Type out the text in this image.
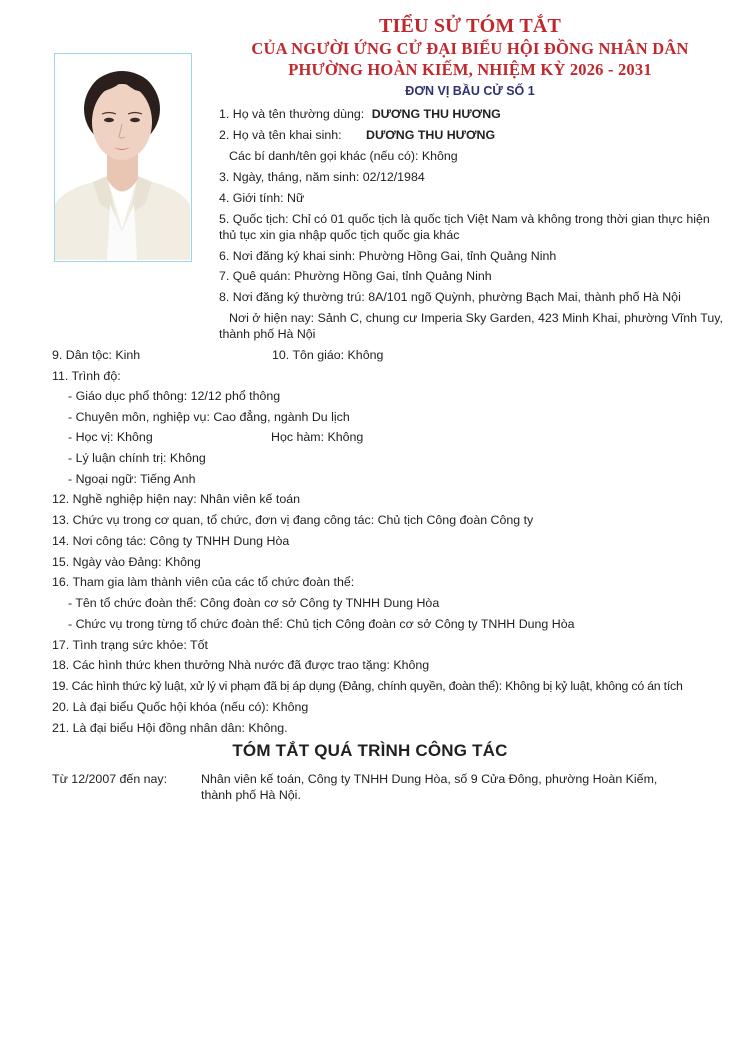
TIỂU SỬ TÓM TẮT
CỦA NGƯỜI ỨNG CỬ ĐẠI BIỂU HỘI ĐỒNG NHÂN DÂN
PHƯỜNG HOÀN KIẾM, NHIỆM KỲ 2026 - 2031
ĐƠN VỊ BẦU CỬ SỐ 1
1. Họ và tên thường dùng: DƯƠNG THU HƯƠNG
2. Họ và tên khai sinh: DƯƠNG THU HƯƠNG
Các bí danh/tên gọi khác (nếu có): Không
3. Ngày, tháng, năm sinh: 02/12/1984
4. Giới tính: Nữ
5. Quốc tịch: Chỉ có 01 quốc tịch là quốc tịch Việt Nam và không trong thời gian thực hiện
thủ tục xin gia nhập quốc tịch quốc gia khác
6. Nơi đăng ký khai sinh: Phường Hồng Gai, tỉnh Quảng Ninh
7. Quê quán: Phường Hồng Gai, tỉnh Quảng Ninh
8. Nơi đăng ký thường trú: 8A/101 ngõ Quỳnh, phường Bạch Mai, thành phố Hà Nội
Nơi ở hiện nay: Sảnh C, chung cư Imperia Sky Garden, 423 Minh Khai, phường Vĩnh Tuy,
thành phố Hà Nội
9. Dân tộc: Kinh	10. Tôn giáo: Không
11. Trình độ:
- Giáo dục phổ thông: 12/12 phổ thông
- Chuyên môn, nghiệp vụ: Cao đẳng, ngành Du lịch
- Học vị: Không	Học hàm: Không
- Lý luận chính trị: Không
- Ngoại ngữ: Tiếng Anh
12. Nghề nghiệp hiện nay: Nhân viên kế toán
13. Chức vụ trong cơ quan, tổ chức, đơn vị đang công tác: Chủ tịch Công đoàn Công ty
14. Nơi công tác: Công ty TNHH Dung Hòa
15. Ngày vào Đảng: Không
16. Tham gia làm thành viên của các tổ chức đoàn thể:
- Tên tổ chức đoàn thể: Công đoàn cơ sở Công ty TNHH Dung Hòa
- Chức vụ trong từng tổ chức đoàn thể: Chủ tịch Công đoàn cơ sở Công ty TNHH Dung Hòa
17. Tình trạng sức khỏe: Tốt
18. Các hình thức khen thưởng Nhà nước đã được trao tặng: Không
19. Các hình thức kỷ luật, xử lý vi phạm đã bị áp dụng (Đảng, chính quyền, đoàn thể): Không bị kỷ luật, không có án tích
20. Là đại biểu Quốc hội khóa (nếu có): Không
21. Là đại biểu Hội đồng nhân dân: Không.
TÓM TẮT QUÁ TRÌNH CÔNG TÁC
Từ 12/2007 đến nay:	Nhân viên kế toán, Công ty TNHH Dung Hòa, số 9 Cửa Đông, phường Hoàn Kiếm,
thành phố Hà Nội.
